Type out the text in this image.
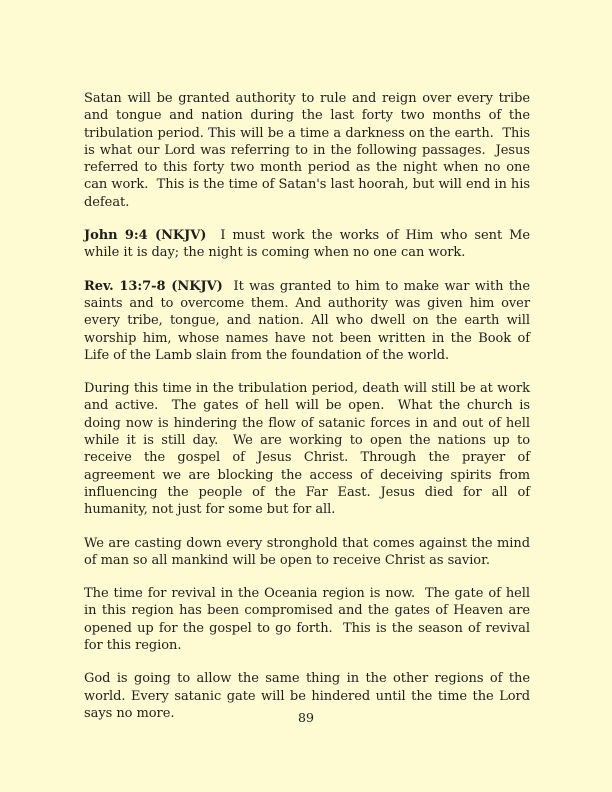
Satan will be granted authority to rule and reign over every tribe and tongue and nation during the last forty two months of the tribulation period. This will be a time a darkness on the earth.  This is what our Lord was referring to in the following passages.  Jesus referred to this forty two month period as the night when no one can work.  This is the time of Satan's last hoorah, but will end in his defeat.

John 9:4 (NKJV)  I must work the works of Him who sent Me while it is day; the night is coming when no one can work.

Rev. 13:7-8 (NKJV)  It was granted to him to make war with the saints and to overcome them. And authority was given him over every tribe, tongue, and nation. All who dwell on the earth will worship him, whose names have not been written in the Book of Life of the Lamb slain from the foundation of the world.

During this time in the tribulation period, death will still be at work and active.  The gates of hell will be open.  What the church is doing now is hindering the flow of satanic forces in and out of hell while it is still day.  We are working to open the nations up to receive the gospel of Jesus Christ. Through the prayer of agreement we are blocking the access of deceiving spirits from influencing the people of the Far East. Jesus died for all of humanity, not just for some but for all.

We are casting down every stronghold that comes against the mind of man so all mankind will be open to receive Christ as savior.

The time for revival in the Oceania region is now.  The gate of hell in this region has been compromised and the gates of Heaven are opened up for the gospel to go forth.  This is the season of revival for this region.

God is going to allow the same thing in the other regions of the world. Every satanic gate will be hindered until the time the Lord says no more.	89
